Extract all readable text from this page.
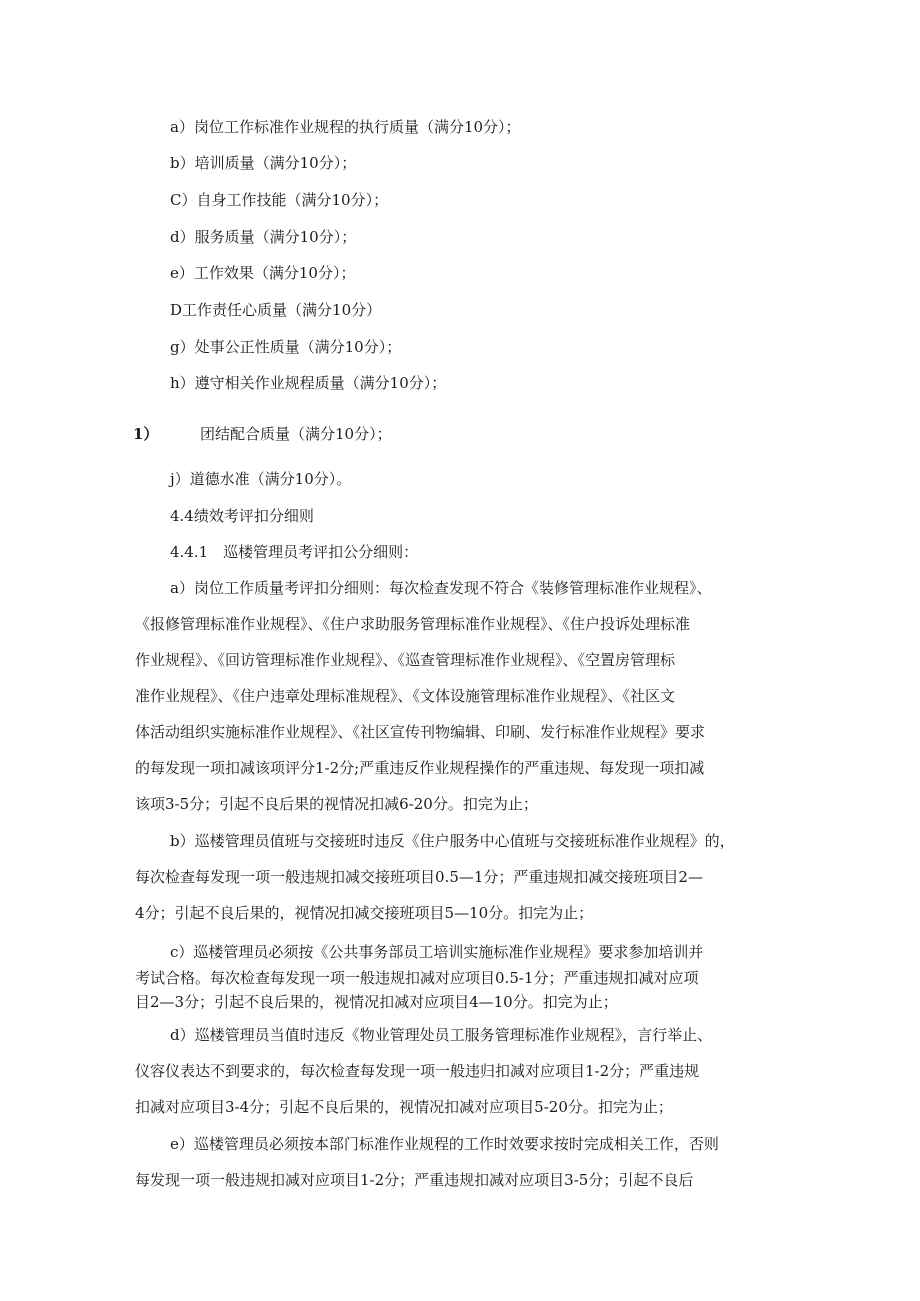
a）岗位工作标准作业规程的执行质量（满分10分）；

b）培训质量（满分10分）；

C）自身工作技能（满分10分）；

d）服务质量（满分10分）；

e）工作效果（满分10分）；

D工作责任心质量（满分10分）

g）处事公正性质量（满分10分）；

h）遵守相关作业规程质量（满分10分）；

1）	团结配合质量（满分10分）；

j）道德水准（满分10分）。

4.4绩效考评扣分细则

4.4.1　巡楼管理员考评扣公分细则：

a）岗位工作质量考评扣分细则：每次检查发现不符合《装修管理标准作业规程》、

《报修管理标准作业规程》、《住户求助服务管理标准作业规程》、《住户投诉处理标准

作业规程》、《回访管理标准作业规程》、《巡查管理标准作业规程》、《空置房管理标

准作业规程》、《住户违章处理标准规程》、《文体设施管理标准作业规程》、《社区文

体活动组织实施标准作业规程》、《社区宣传刊物编辑、印刷、发行标准作业规程》要求

的每发现一项扣减该项评分1-2分;严重违反作业规程操作的严重违规、每发现一项扣减

该项3-5分；引起不良后果的视情况扣减6-20分。扣完为止；

b）巡楼管理员值班与交接班时违反《住户服务中心值班与交接班标准作业规程》的，

每次检查每发现一项一般违规扣减交接班项目0.5—1分；严重违规扣减交接班项目2—

4分；引起不良后果的，视情况扣减交接班项目5—10分。扣完为止；

c）巡楼管理员必须按《公共事务部员工培训实施标准作业规程》要求参加培训并

考试合格。每次检查每发现一项一般违规扣减对应项目0.5-1分；严重违规扣减对应项

目2—3分；引起不良后果的，视情况扣减对应项目4—10分。扣完为止；

d）巡楼管理员当值时违反《物业管理处员工服务管理标准作业规程》，言行举止、

仪容仪表达不到要求的，每次检查每发现一项一般违归扣减对应项目1-2分；严重违规

扣减对应项目3-4分；引起不良后果的，视情况扣减对应项目5-20分。扣完为止；

e）巡楼管理员必须按本部门标准作业规程的工作时效要求按时完成相关工作，否则

每发现一项一般违规扣减对应项目1-2分；严重违规扣减对应项目3-5分；引起不良后
